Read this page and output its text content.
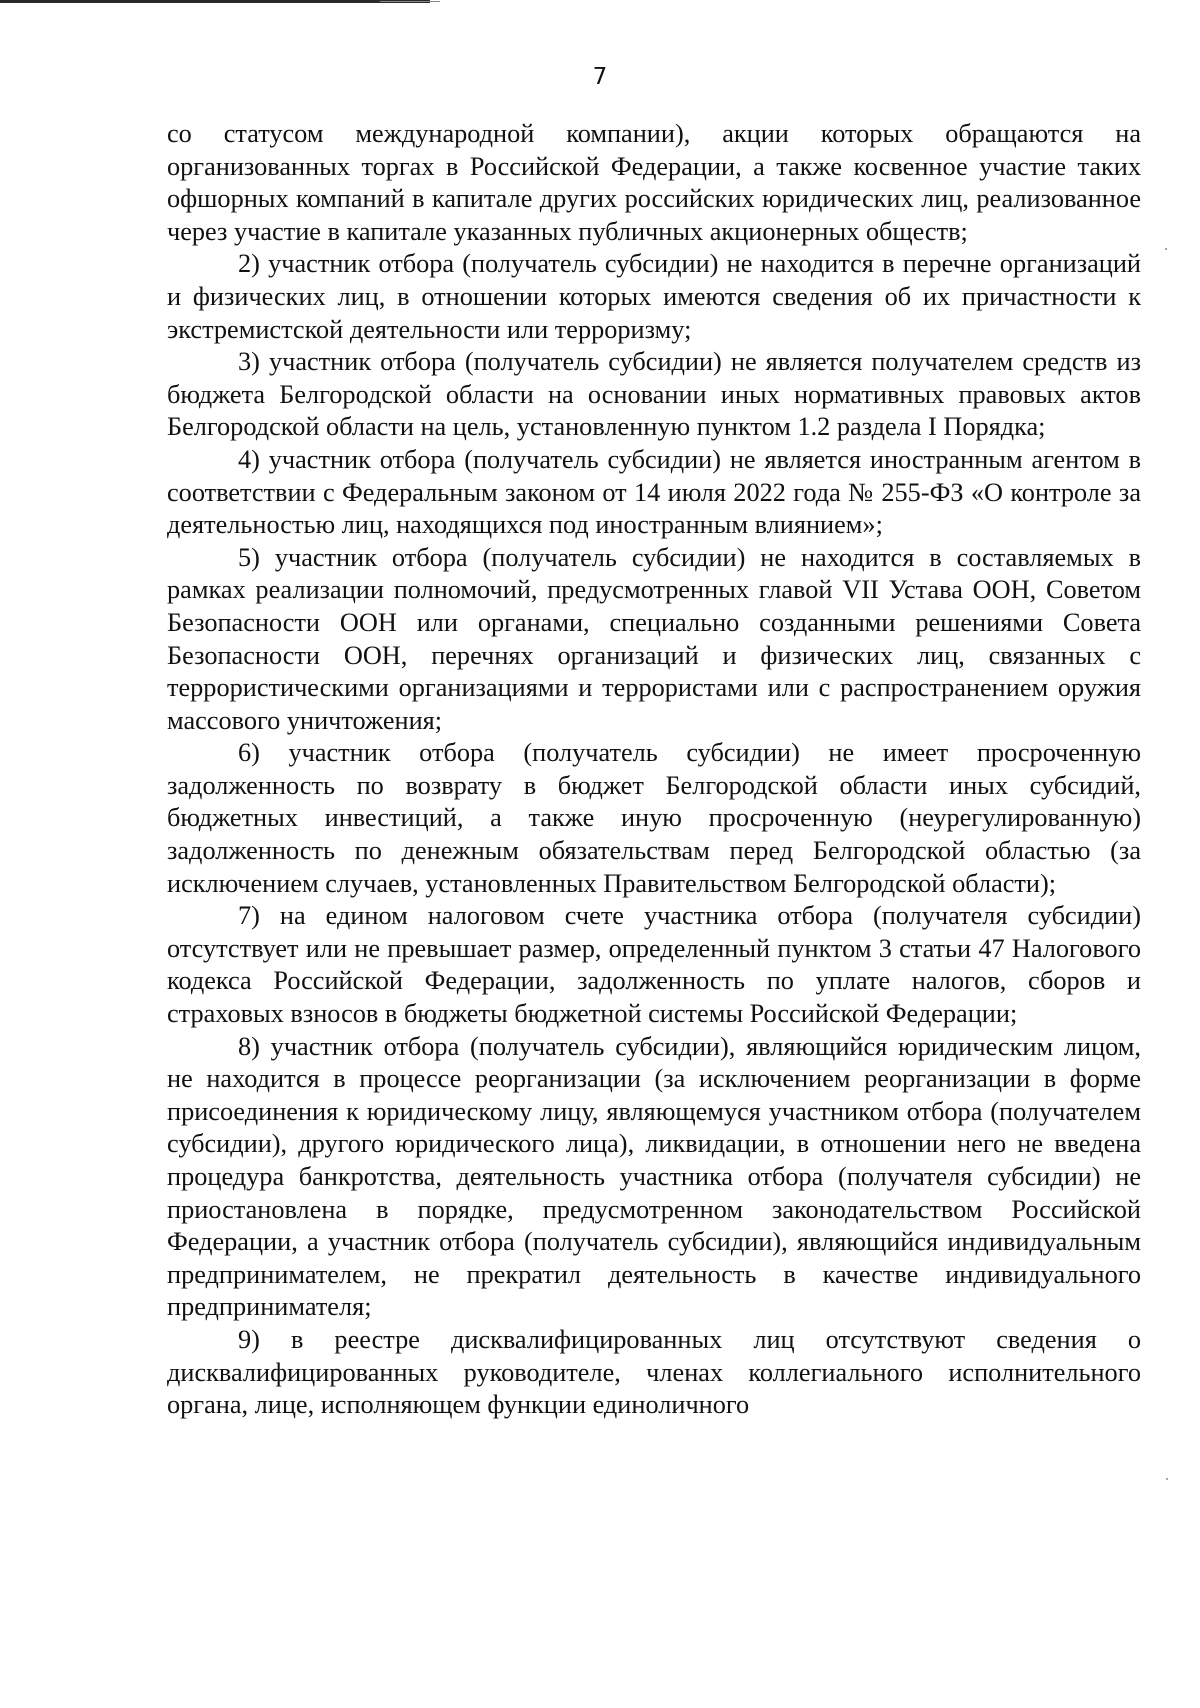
7

со статусом международной компании), акции которых обращаются на организованных торгах в Российской Федерации, а также косвенное участие таких офшорных компаний в капитале других российских юридических лиц, реализованное через участие в капитале указанных публичных акционерных обществ;

2) участник отбора (получатель субсидии) не находится в перечне организаций и физических лиц, в отношении которых имеются сведения об их причастности к экстремистской деятельности или терроризму;

3) участник отбора (получатель субсидии) не является получателем средств из бюджета Белгородской области на основании иных нормативных правовых актов Белгородской области на цель, установленную пунктом 1.2 раздела I Порядка;

4) участник отбора (получатель субсидии) не является иностранным агентом в соответствии с Федеральным законом от 14 июля 2022 года № 255-ФЗ «О контроле за деятельностью лиц, находящихся под иностранным влиянием»;

5) участник отбора (получатель субсидии) не находится в составляемых в рамках реализации полномочий, предусмотренных главой VII Устава ООН, Советом Безопасности ООН или органами, специально созданными решениями Совета Безопасности ООН, перечнях организаций и физических лиц, связанных с террористическими организациями и террористами или с распространением оружия массового уничтожения;

6) участник отбора (получатель субсидии) не имеет просроченную задолженность по возврату в бюджет Белгородской области иных субсидий, бюджетных инвестиций, а также иную просроченную (неурегулированную) задолженность по денежным обязательствам перед Белгородской областью (за исключением случаев, установленных Правительством Белгородской области);

7) на едином налоговом счете участника отбора (получателя субсидии) отсутствует или не превышает размер, определенный пунктом 3 статьи 47 Налогового кодекса Российской Федерации, задолженность по уплате налогов, сборов и страховых взносов в бюджеты бюджетной системы Российской Федерации;

8) участник отбора (получатель субсидии), являющийся юридическим лицом, не находится в процессе реорганизации (за исключением реорганизации в форме присоединения к юридическому лицу, являющемуся участником отбора (получателем субсидии), другого юридического лица), ликвидации, в отношении него не введена процедура банкротства, деятельность участника отбора (получателя субсидии) не приостановлена в порядке, предусмотренном законодательством Российской Федерации, а участник отбора (получатель субсидии), являющийся индивидуальным предпринимателем, не прекратил деятельность в качестве индивидуального предпринимателя;

9) в реестре дисквалифицированных лиц отсутствуют сведения о дисквалифицированных руководителе, членах коллегиального исполнительного органа, лице, исполняющем функции единоличного
